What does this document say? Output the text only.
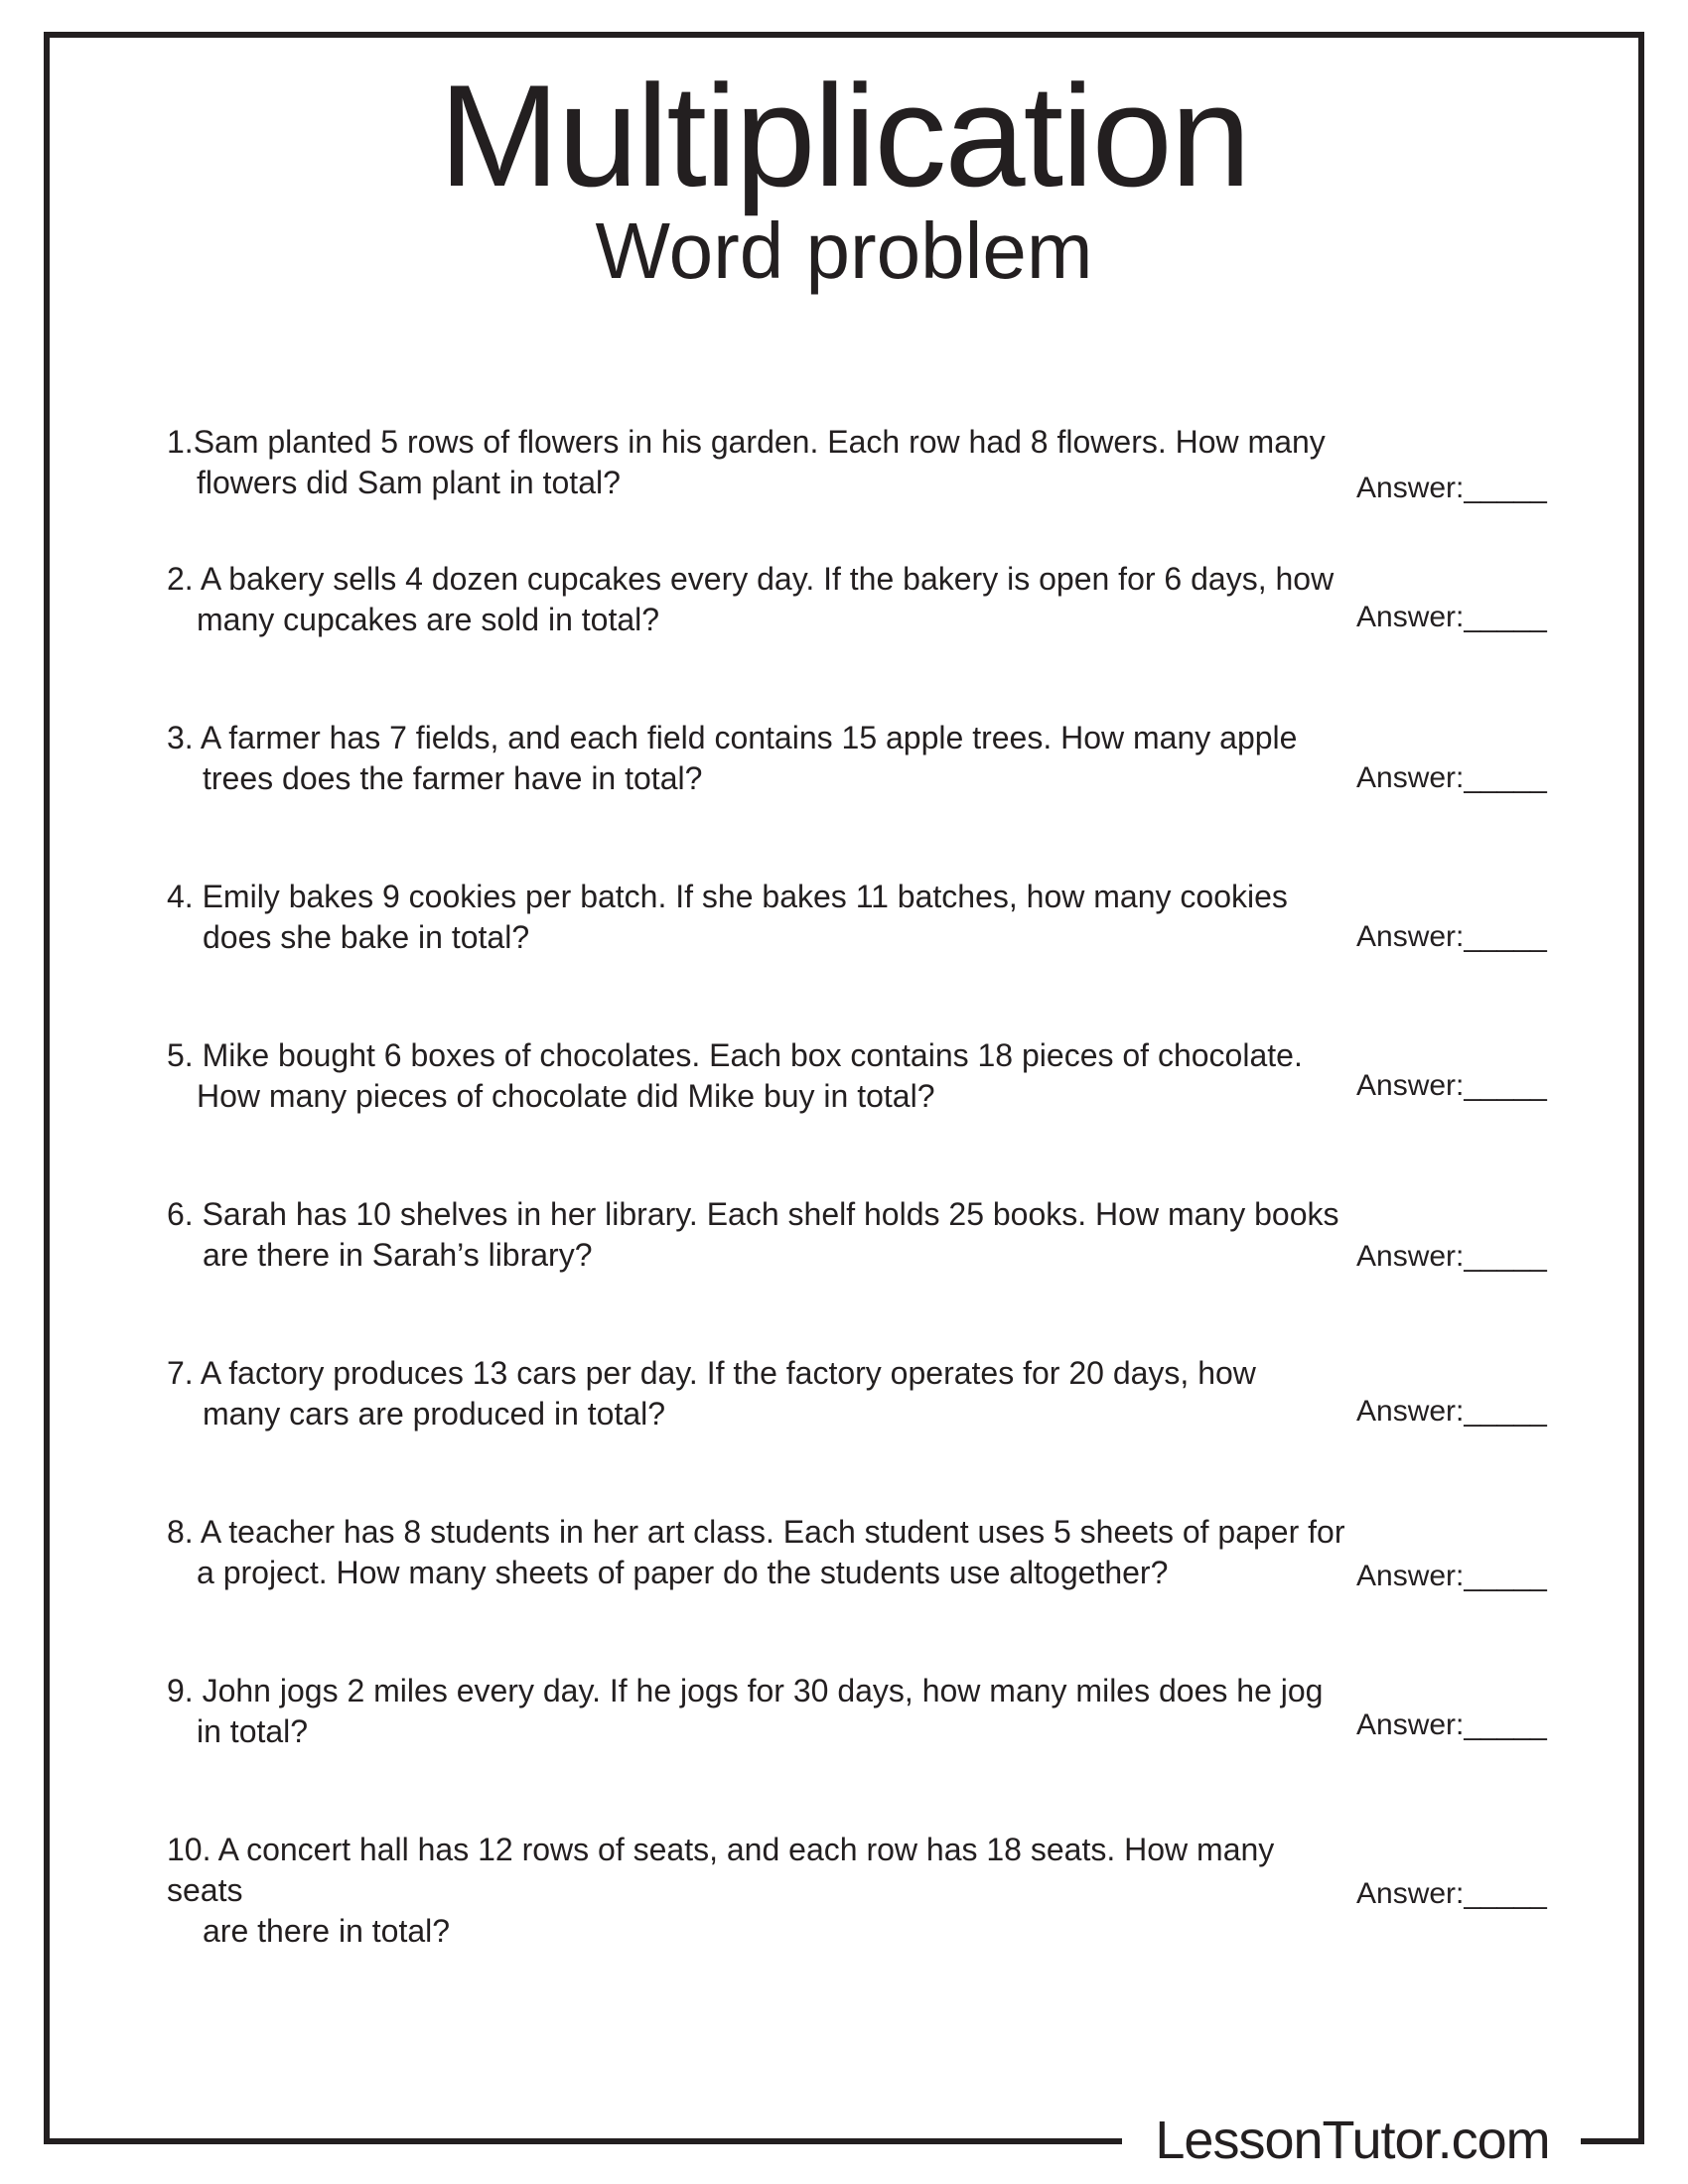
Multiplication
Word problem
1.Sam planted 5 rows of flowers in his garden. Each row had 8 flowers. How many
flowers did Sam plant in total?	Answer:_____
2. A bakery sells 4 dozen cupcakes every day. If the bakery is open for 6 days, how
many cupcakes are sold in total?	Answer:_____
3. A farmer has 7 fields, and each field contains 15 apple trees. How many apple
trees does the farmer have in total?	Answer:_____
4. Emily bakes 9 cookies per batch. If she bakes 11 batches, how many cookies
does she bake in total?	Answer:_____
5. Mike bought 6 boxes of chocolates. Each box contains 18 pieces of chocolate.
How many pieces of chocolate did Mike buy in total?	Answer:_____
6. Sarah has 10 shelves in her library. Each shelf holds 25 books. How many books
are there in Sarah’s library?	Answer:_____
7. A factory produces 13 cars per day. If the factory operates for 20 days, how
many cars are produced in total?	Answer:_____
8. A teacher has 8 students in her art class. Each student uses 5 sheets of paper for
a project. How many sheets of paper do the students use altogether?	Answer:_____
9. John jogs 2 miles every day. If he jogs for 30 days, how many miles does he jog
in total?	Answer:_____
10. A concert hall has 12 rows of seats, and each row has 18 seats. How many seats
are there in total?
Answer:_____
LessonTutor.com
